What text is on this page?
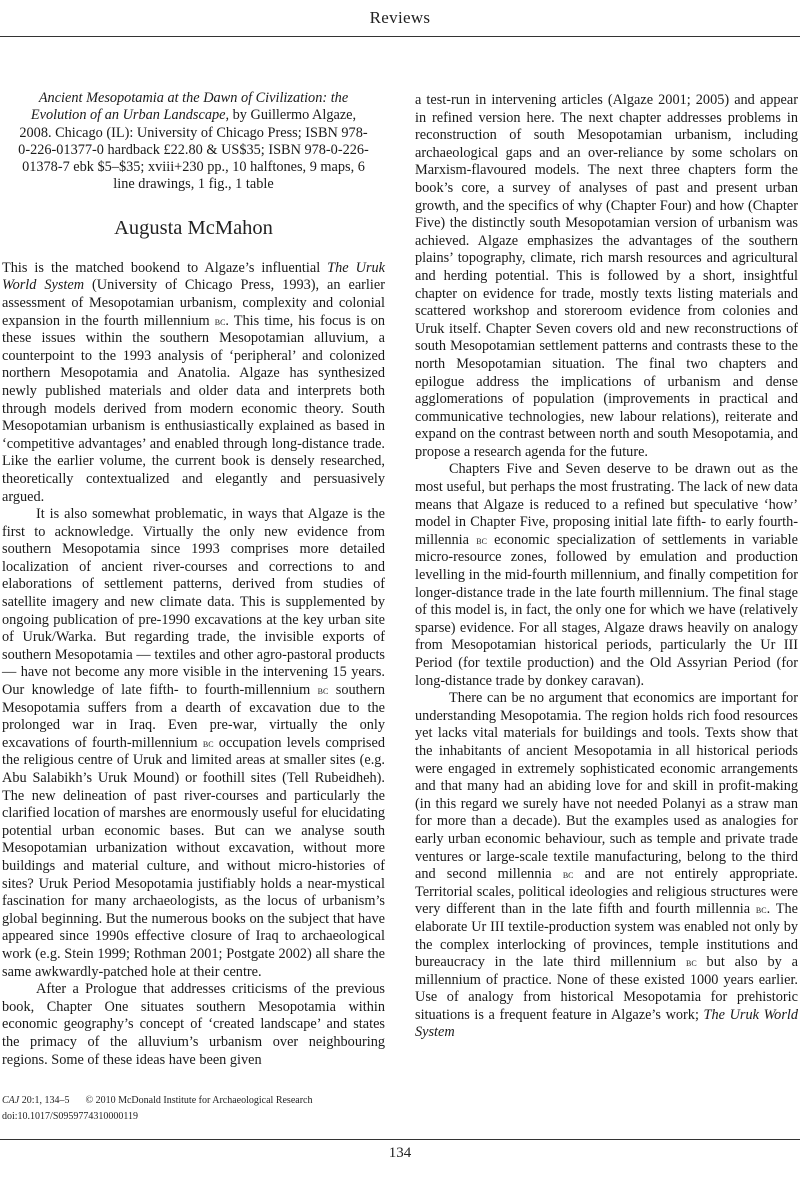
Reviews
Ancient Mesopotamia at the Dawn of Civilization: the Evolution of an Urban Landscape, by Guillermo Algaze, 2008. Chicago (IL): University of Chicago Press; ISBN 978-0-226-01377-0 hardback £22.80 & US$35; ISBN 978-0-226-01378-7 ebk $5–$35; xviii+230 pp., 10 halftones, 9 maps, 6 line drawings, 1 fig., 1 table
Augusta McMahon

This is the matched bookend to Algaze’s influential The Uruk World System (University of Chicago Press, 1993), an earlier assessment of Mesopotamian urbanism, complexity and colonial expansion in the fourth millennium bc. This time, his focus is on these issues within the southern Mesopotamian alluvium, a counterpoint to the 1993 analysis of ‘peripheral’ and colonized northern Mesopotamia and Anatolia. Algaze has synthesized newly published materials and older data and interprets both through models derived from modern economic theory. South Mesopotamian urbanism is enthusiastically explained as based in ‘competitive advantages’ and enabled through long-distance trade. Like the earlier volume, the current book is densely researched, theoretically contextualized and elegantly and persuasively argued.

It is also somewhat problematic, in ways that Algaze is the first to acknowledge. Virtually the only new evidence from southern Mesopotamia since 1993 comprises more detailed localization of ancient river-courses and corrections to and elaborations of settlement patterns, derived from studies of satellite imagery and new climate data. This is supplemented by ongoing publication of pre-1990 excavations at the key urban site of Uruk/Warka. But regarding trade, the invisible exports of southern Mesopotamia — textiles and other agro-pastoral products — have not become any more visible in the intervening 15 years. Our knowledge of late fifth- to fourth-millennium bc southern Mesopotamia suffers from a dearth of excavation due to the prolonged war in Iraq. Even pre-war, virtually the only excavations of fourth-millennium bc occupation levels comprised the religious centre of Uruk and limited areas at smaller sites (e.g. Abu Salabikh’s Uruk Mound) or foothill sites (Tell Rubeidheh). The new delineation of past river-courses and particularly the clarified location of marshes are enormously useful for elucidating potential urban economic bases. But can we analyse south Mesopotamian urbanization without excavation, without more buildings and material culture, and without micro-histories of sites? Uruk Period Mesopotamia justifiably holds a near-mystical fascination for many archaeologists, as the locus of urbanism’s global beginning. But the numerous books on the subject that have appeared since 1990s effective closure of Iraq to archaeological work (e.g. Stein 1999; Rothman 2001; Postgate 2002) all share the same awkwardly-patched hole at their centre.

After a Prologue that addresses criticisms of the previous book, Chapter One situates southern Mesopotamia within economic geography’s concept of ‘created landscape’ and states the primacy of the alluvium’s urbanism over neighbouring regions. Some of these ideas have been given

a test-run in intervening articles (Algaze 2001; 2005) and appear in refined version here. The next chapter addresses problems in reconstruction of south Mesopotamian urbanism, including archaeological gaps and an over-reliance by some scholars on Marxism-flavoured models. The next three chapters form the book’s core, a survey of analyses of past and present urban growth, and the specifics of why (Chapter Four) and how (Chapter Five) the distinctly south Mesopotamian version of urbanism was achieved. Algaze emphasizes the advantages of the southern plains’ topography, climate, rich marsh resources and agricultural and herding potential. This is followed by a short, insightful chapter on evidence for trade, mostly texts listing materials and scattered workshop and storeroom evidence from colonies and Uruk itself. Chapter Seven covers old and new reconstructions of south Mesopotamian settlement patterns and contrasts these to the north Mesopotamian situation. The final two chapters and epilogue address the implications of urbanism and dense agglomerations of population (improvements in practical and communicative technologies, new labour relations), reiterate and expand on the contrast between north and south Mesopotamia, and propose a research agenda for the future.

Chapters Five and Seven deserve to be drawn out as the most useful, but perhaps the most frustrating. The lack of new data means that Algaze is reduced to a refined but speculative ‘how’ model in Chapter Five, proposing initial late fifth- to early fourth-millennia bc economic specialization of settlements in variable micro-resource zones, followed by emulation and production levelling in the mid-fourth millennium, and finally competition for longer-distance trade in the late fourth millennium. The final stage of this model is, in fact, the only one for which we have (relatively sparse) evidence. For all stages, Algaze draws heavily on analogy from Mesopotamian historical periods, particularly the Ur III Period (for textile production) and the Old Assyrian Period (for long-distance trade by donkey caravan).

There can be no argument that economics are important for understanding Mesopotamia. The region holds rich food resources yet lacks vital materials for buildings and tools. Texts show that the inhabitants of ancient Mesopotamia in all historical periods were engaged in extremely sophisticated economic arrangements and that many had an abiding love for and skill in profit-making (in this regard we surely have not needed Polanyi as a straw man for more than a decade). But the examples used as analogies for early urban economic behaviour, such as temple and private trade ventures or large-scale textile manufacturing, belong to the third and second millennia bc and are not entirely appropriate. Territorial scales, political ideologies and religious structures were very different than in the late fifth and fourth millennia bc. The elaborate Ur III textile-production system was enabled not only by the complex interlocking of provinces, temple institutions and bureaucracy in the late third millennium bc but also by a millennium of practice. None of these existed 1000 years earlier. Use of analogy from historical Mesopotamia for prehistoric situations is a frequent feature in Algaze’s work; The Uruk World System

CAJ 20:1, 134–5 © 2010 McDonald Institute for Archaeological Research
doi:10.1017/S0959774310000119
134
